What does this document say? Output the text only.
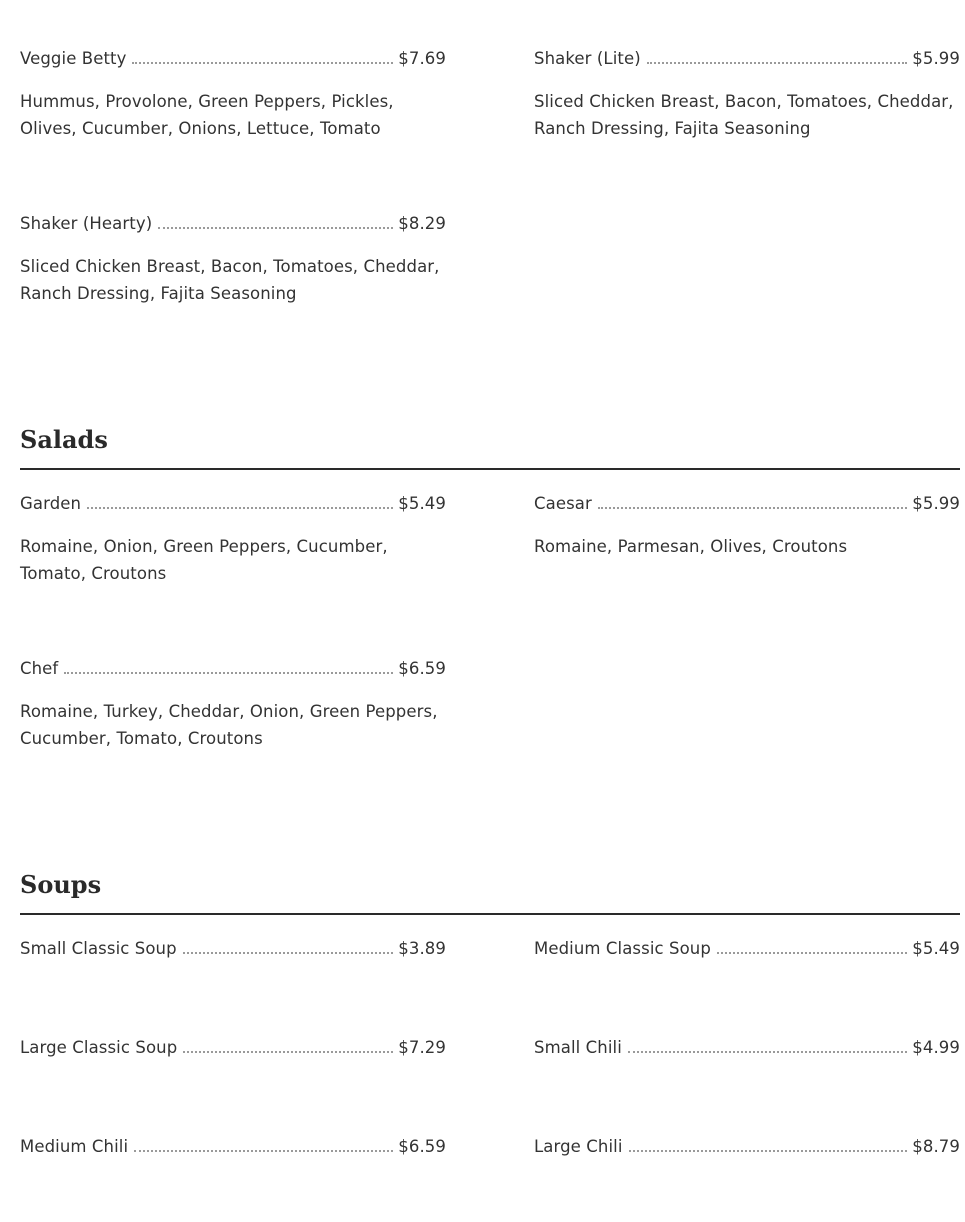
Veggie Betty	$7.69
Hummus, Provolone, Green Peppers, Pickles, Olives, Cucumber, Onions, Lettuce, Tomato
Shaker (Lite)	$5.99
Sliced Chicken Breast, Bacon, Tomatoes, Cheddar, Ranch Dressing, Fajita Seasoning
Shaker (Hearty)	$8.29
Sliced Chicken Breast, Bacon, Tomatoes, Cheddar, Ranch Dressing, Fajita Seasoning
Salads
Garden	$5.49
Romaine, Onion, Green Peppers, Cucumber, Tomato, Croutons
Caesar	$5.99
Romaine, Parmesan, Olives, Croutons
Chef	$6.59
Romaine, Turkey, Cheddar, Onion, Green Peppers, Cucumber, Tomato, Croutons
Soups
Small Classic Soup	$3.89	Medium Classic Soup	$5.49
Large Classic Soup	$7.29	Small Chili	$4.99
Medium Chili	$6.59	Large Chili	$8.79
